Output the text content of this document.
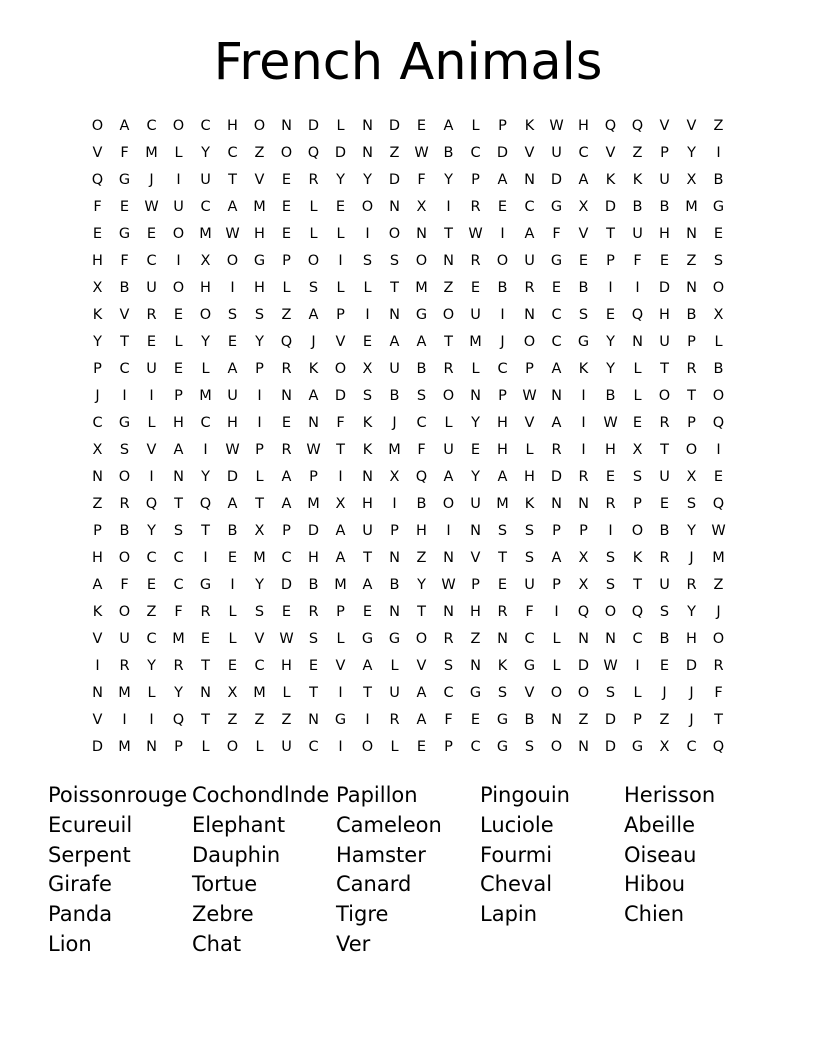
French Animals
O	A	C	O	C	H	O	N	D	L	N	D	E	A	L	P	K	W H	Q	Q	V	V	Z
V	F	M	L	Y	C	Z	O	Q	D	N	Z	W	B	C	D	V	U	C	V	Z	P	Y	I
Q	G	J	I	U	T	V	E	R	Y	Y	D	F	Y	P	A	N	D	A	K	K	U	X	B
F	E	W	U	C	A	M	E	L	E	O	N	X	I	R	E	C	G	X	D	B	B	M	G
E	G	E	O	M W H	E	L	L	I	O	N	T	W	I	A	F	V	T	U	H	N	E
H	F	C	I	X	O	G	P	O	I	S	S	O	N	R	O	U	G	E	P	F	E	Z	S
X	B	U	O	H	I	H	L	S	L	L	T	M	Z	E	B	R	E	B	I	I	D	N	O
K	V	R	E	O	S	S	Z	A	P	I	N	G	O	U	I	N	C	S	E	Q	H	B	X
Y	T	E	L	Y	E	Y	Q	J	V	E	A	A	T	M	J	O	C	G	Y	N	U	P	L
P	C	U	E	L	A	P	R	K	O	X	U	B	R	L	C	P	A	K	Y	L	T	R	B
J	I	I	P	M	U	I	N	A	D	S	B	S	O	N	P	W N	I	B	L	O	T	O
C	G	L	H	C	H	I	E	N	F	K	J	C	L	Y	H	V	A	I	W	E	R	P	Q
X	S	V	A	I	W	P	R	W	T	K	M	F	U	E	H	L	R	I	H	X	T	O	I
N	O	I	N	Y	D	L	A	P	I	N	X	Q	A	Y	A	H	D	R	E	S	U	X	E
Z	R	Q	T	Q	A	T	A	M	X	H	I	B	O	U	M	K	N	N	R	P	E	S	Q
P	B	Y	S	T	B	X	P	D	A	U	P	H	I	N	S	S	P	P	I	O	B	Y	W
H	O	C	C	I	E	M	C	H	A	T	N	Z	N	V	T	S	A	X	S	K	R	J	M
A	F	E	C	G	I	Y	D	B	M	A	B	Y	W	P	E	U	P	X	S	T	U	R	Z
K	O	Z	F	R	L	S	E	R	P	E	N	T	N	H	R	F	I	Q	O	Q	S	Y	J
V	U	C	M	E	L	V	W	S	L	G	G	O	R	Z	N	C	L	N	N	C	B	H	O
I	R	Y	R	T	E	C	H	E	V	A	L	V	S	N	K	G	L	D W	I	E	D	R
N	M	L	Y	N	X	M	L	T	I	T	U	A	C	G	S	V	O	O	S	L	J	J	F
V	I	I	Q	T	Z	Z	Z	N	G	I	R	A	F	E	G	B	N	Z	D	P	Z	J	T
D	M	N	P	L	O	L	U	C	I	O	L	E	P	C	G	S	O	N	D	G	X	C	Q
Poissonrouge Cochondlnde Papillon	Pingouin	Herisson
Ecureuil	Elephant	Cameleon	Luciole	Abeille
Serpent	Dauphin	Hamster	Fourmi	Oiseau
Girafe	Tortue	Canard	Cheval	Hibou
Panda	Zebre	Tigre	Lapin	Chien
Lion	Chat	Ver
